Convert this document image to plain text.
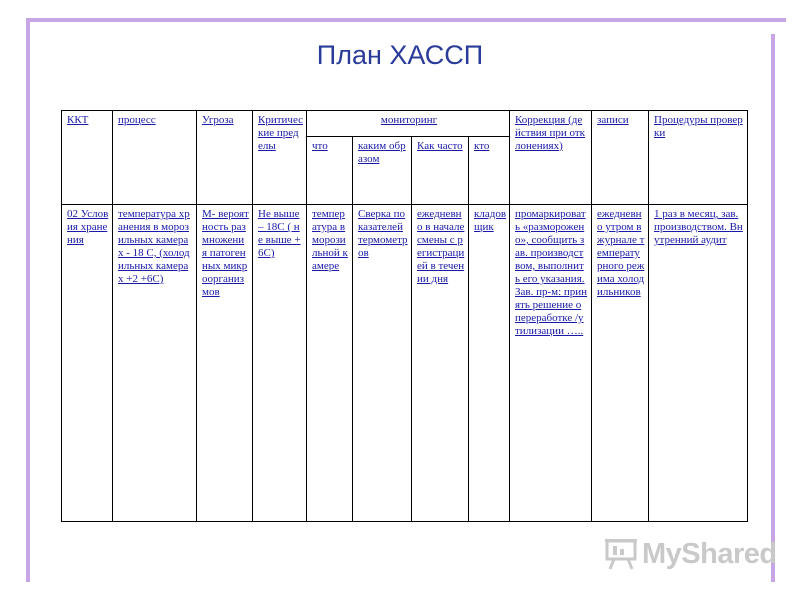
План ХАССП
ККТ	процесс	Угроза	Критические пределы	мониторинг				Коррекция (действия при отклонениях)	записи	Процедуры проверки
				что	каким образом	Как часто	кто			
02 Условия хранения	температура хранения в морозильных камерах - 18 С, (холодильных камерах +2 +6С)	М- вероятность размножения патогенных микроорганизмов	Не выше – 18С ( не выше +6С)	температура в морозильной камере	Сверка показателей термометров	ежедневно в начале смены с регистрацией в течении дня	кладовщик	промаркировать «разморожено», сообщить зав. производством, выполнить его указания. Зав. пр-м: принять решение о переработке /утилизации …..	ежедневно утром в журнале температурного режима холодильников	1 раз в месяц, зав. производством. Внутренний аудит
MyShared
